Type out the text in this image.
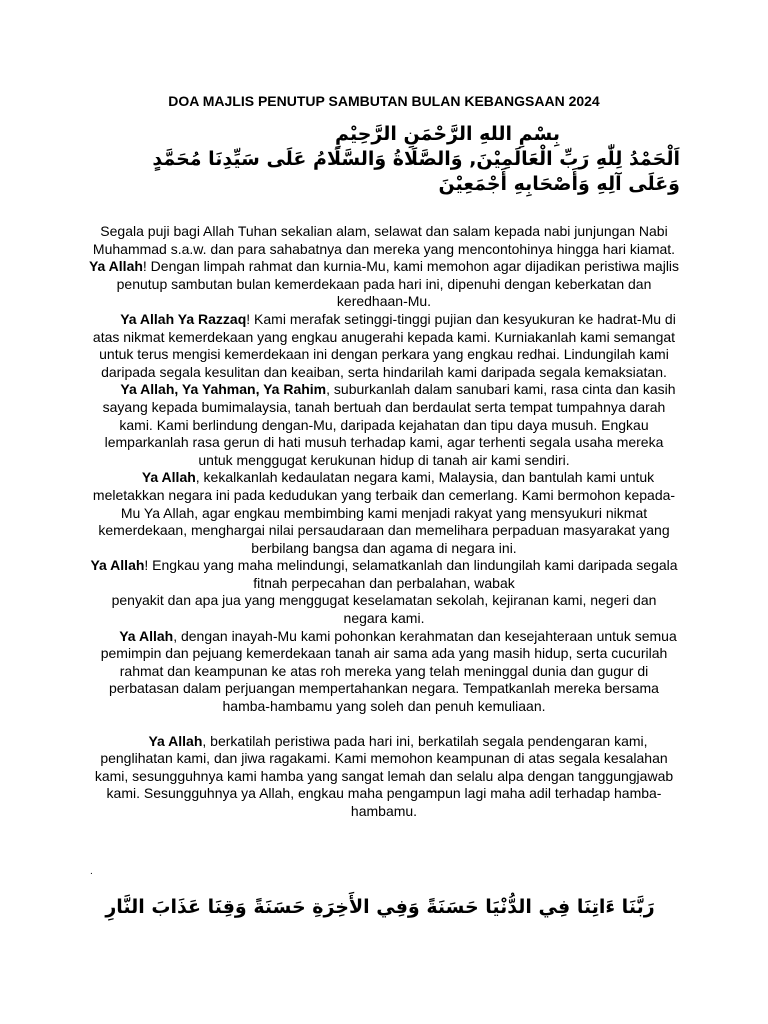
DOA MAJLIS PENUTUP SAMBUTAN BULAN KEBANGSAAN 2024
بِسْمِ اللهِ الرَّحْمَنِ الرَّحِيْمِ
اَلْحَمْدُ لِلّٰهِ رَبِّ الْعَالَمِيْنَ, وَالصَّلَاةُ وَالسَّلَامُ عَلَى سَيِّدِنَا مُحَمَّدٍ
وَعَلَى آلِهِ وَأَصْحَابِهِ أَجْمَعِيْنَ

Segala puji bagi Allah Tuhan sekalian alam, selawat dan salam kepada nabi junjungan Nabi Muhammad s.a.w. dan para sahabatnya dan mereka yang mencontohinya hingga hari kiamat.

Ya Allah! Dengan limpah rahmat dan kurnia-Mu, kami memohon agar dijadikan peristiwa majlis penutup sambutan bulan kemerdekaan pada hari ini, dipenuhi dengan keberkatan dan keredhaan-Mu.

  Ya Allah Ya Razzaq! Kami merafak setinggi-tinggi pujian dan kesyukuran ke hadrat-Mu di atas nikmat kemerdekaan yang engkau anugerahi kepada kami. Kurniakanlah kami semangat untuk terus mengisi kemerdekaan ini dengan perkara yang engkau redhai. Lindungilah kami daripada segala kesulitan dan keaiban, serta hindarilah kami daripada segala kemaksiatan.

  Ya Allah, Ya Yahman, Ya Rahim, suburkanlah dalam sanubari kami, rasa cinta dan kasih sayang kepada bumimalaysia, tanah bertuah dan berdaulat serta tempat tumpahnya darah kami. Kami berlindung dengan-Mu, daripada kejahatan dan tipu daya musuh. Engkau lemparkanlah rasa gerun di hati musuh terhadap kami, agar terhenti segala usaha mereka untuk menggugat kerukunan hidup di tanah air kami sendiri.

  Ya Allah, kekalkanlah kedaulatan negara kami, Malaysia, dan bantulah kami untuk meletakkan negara ini pada kedudukan yang terbaik dan cemerlang. Kami bermohon kepada-Mu Ya Allah, agar engkau membimbing kami menjadi rakyat yang mensyukuri nikmat kemerdekaan, menghargai nilai persaudaraan dan memelihara perpaduan masyarakat yang berbilang bangsa dan agama di negara ini.

Ya Allah! Engkau yang maha melindungi, selamatkanlah dan lindungilah kami daripada segala fitnah perpecahan dan perbalahan, wabak

penyakit dan apa jua yang menggugat keselamatan sekolah, kejiranan kami, negeri dan negara kami.

  Ya Allah, dengan inayah-Mu kami pohonkan kerahmatan dan kesejahteraan untuk semua pemimpin dan pejuang kemerdekaan tanah air sama ada yang masih hidup, serta cucurilah rahmat dan keampunan ke atas roh mereka yang telah meninggal dunia dan gugur di perbatasan dalam perjuangan mempertahankan negara. Tempatkanlah mereka bersama hamba-hambamu yang soleh dan penuh kemuliaan.

  Ya Allah, berkatilah peristiwa pada hari ini, berkatilah segala pendengaran kami, penglihatan kami, dan jiwa ragakami. Kami memohon keampunan di atas segala kesalahan kami, sesungguhnya kami hamba yang sangat lemah dan selalu alpa dengan tanggungjawab kami. Sesungguhnya ya Allah, engkau maha pengampun lagi maha adil terhadap hamba-hambamu.

.
رَبَّنَا ءَاتِنَا فِي الدُّنْيَا حَسَنَةً وَفِي الأَخِرَةِ حَسَنَةً وَقِنَا عَذَابَ النَّارِ
